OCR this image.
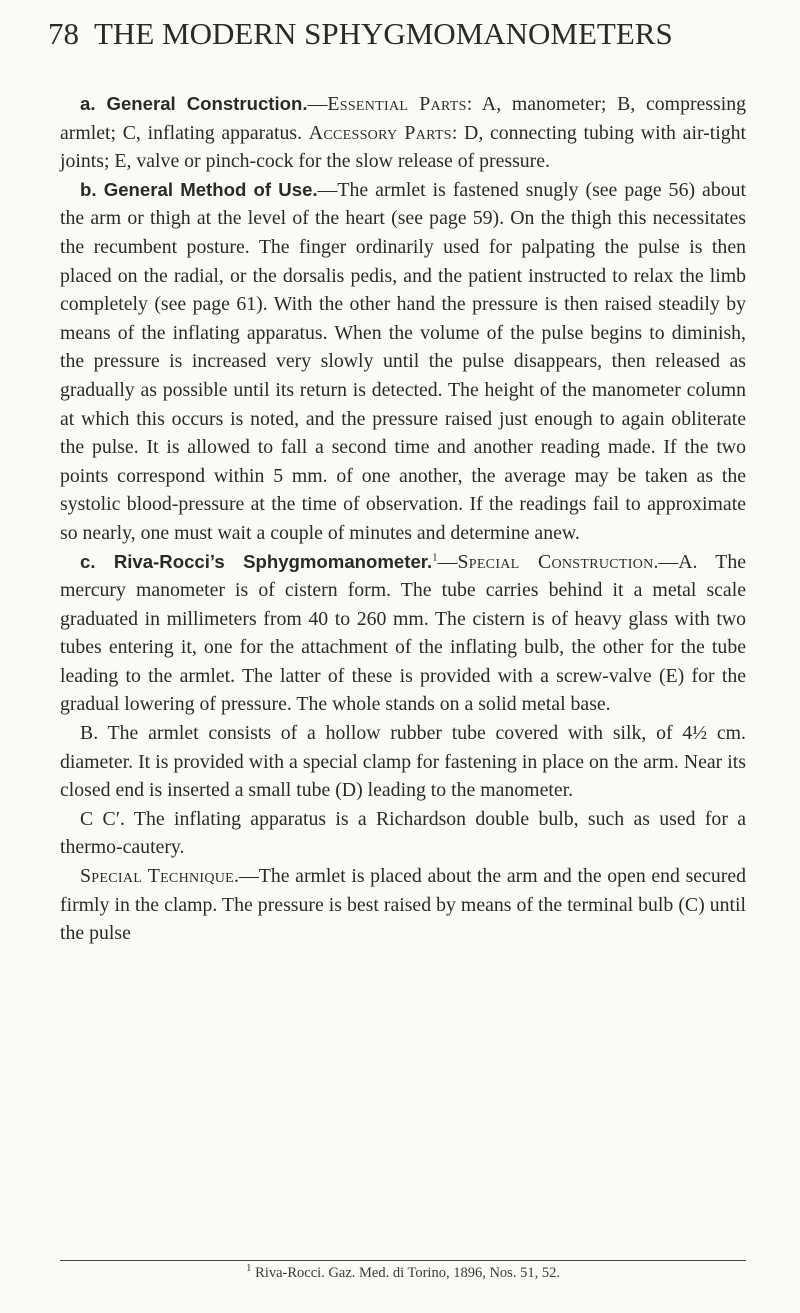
78 THE MODERN SPHYGMOMANOMETERS

a. General Construction.—Essential Parts: A, manometer; B, compressing armlet; C, inflating apparatus. Accessory Parts: D, connecting tubing with air-tight joints; E, valve or pinch-cock for the slow release of pressure.

b. General Method of Use.—The armlet is fastened snugly (see page 56) about the arm or thigh at the level of the heart (see page 59). On the thigh this necessitates the recumbent posture. The finger ordinarily used for palpating the pulse is then placed on the radial, or the dorsalis pedis, and the patient instructed to relax the limb completely (see page 61). With the other hand the pressure is then raised steadily by means of the inflating apparatus. When the volume of the pulse begins to diminish, the pressure is increased very slowly until the pulse disappears, then released as gradually as possible until its return is detected. The height of the manometer column at which this occurs is noted, and the pressure raised just enough to again obliterate the pulse. It is allowed to fall a second time and another reading made. If the two points correspond within 5 mm. of one another, the average may be taken as the systolic blood-pressure at the time of observation. If the readings fail to approximate so nearly, one must wait a couple of minutes and determine anew.

c. Riva-Rocci’s Sphygmomanometer.$^1$—Special Construction.—A. The mercury manometer is of cistern form. The tube carries behind it a metal scale graduated in millimeters from 40 to 260 mm. The cistern is of heavy glass with two tubes entering it, one for the attachment of the inflating bulb, the other for the tube leading to the armlet. The latter of these is provided with a screw-valve (E) for the gradual lowering of pressure. The whole stands on a solid metal base.

B. The armlet consists of a hollow rubber tube covered with silk, of 4½ cm. diameter. It is provided with a special clamp for fastening in place on the arm. Near its closed end is inserted a small tube (D) leading to the manometer.

C C′. The inflating apparatus is a Richardson double bulb, such as used for a thermo-cautery.

Special Technique.—The armlet is placed about the arm and the open end secured firmly in the clamp. The pressure is best raised by means of the terminal bulb (C) until the pulse

$^1$ Riva-Rocci. Gaz. Med. di Torino, 1896, Nos. 51, 52.
